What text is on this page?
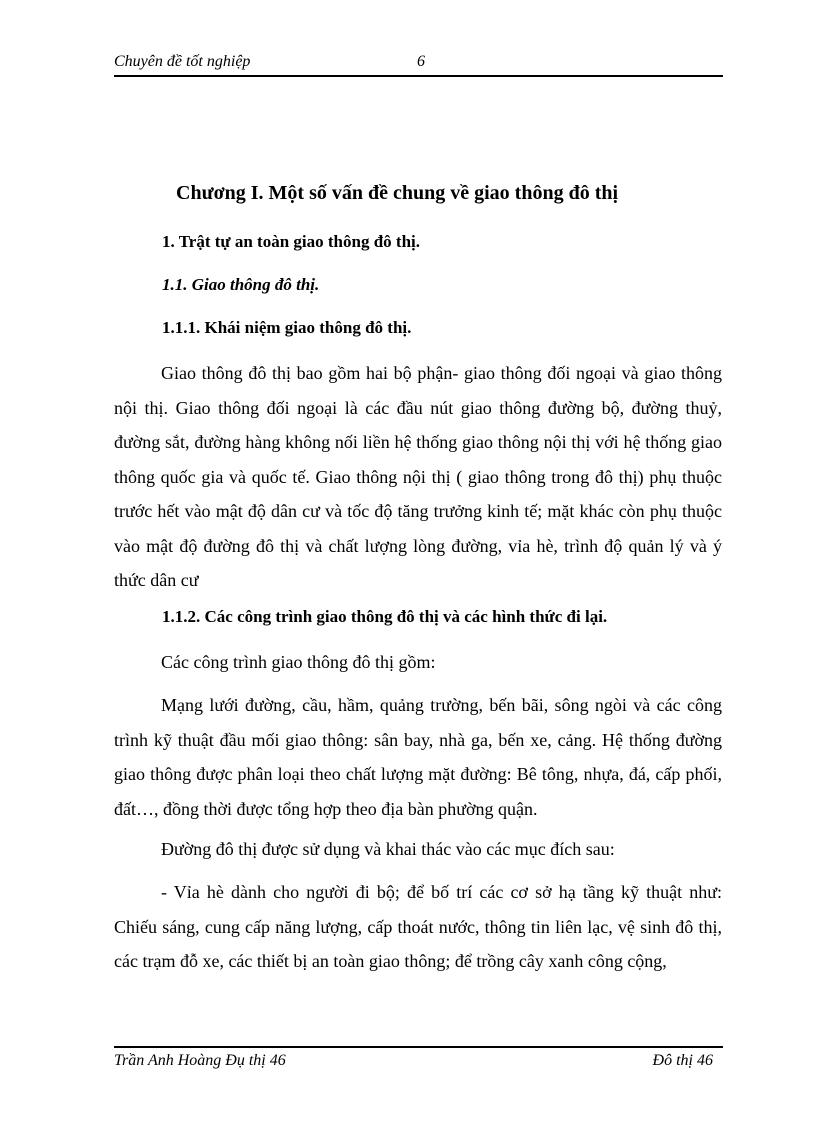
Chuyên đề tốt nghiệp	6
Chương I. Một số vấn đề chung về giao thông đô thị
1. Trật tự an toàn giao thông đô thị.
1.1. Giao thông đô thị.
1.1.1. Khái niệm giao thông đô thị.

Giao thông đô thị bao gồm hai bộ phận- giao thông đối ngoại và giao thông nội thị. Giao thông đối ngoại là các đầu nút giao thông đường bộ, đường thuỷ, đường sắt, đường hàng không nối liền hệ thống giao thông nội thị với hệ thống giao thông quốc gia và quốc tế. Giao thông nội thị ( giao thông trong đô thị) phụ thuộc trước hết vào mật độ dân cư và tốc độ tăng trưởng kinh tế; mặt khác còn phụ thuộc vào mật độ đường đô thị và chất lượng lòng đường, vỉa hè, trình độ quản lý và ý thức dân cư

1.1.2. Các công trình giao thông đô thị và các hình thức đi lại.

Các công trình giao thông đô thị gồm:

Mạng lưới đường, cầu, hầm, quảng trường, bến bãi, sông ngòi và các công trình kỹ thuật đầu mối giao thông: sân bay, nhà ga, bến xe, cảng. Hệ thống đường giao thông được phân loại theo chất lượng mặt đường: Bê tông, nhựa, đá, cấp phối, đất…, đồng thời được tổng hợp theo địa bàn phường quận.

Đường đô thị được sử dụng và khai thác vào các mục đích sau:

- Vỉa hè dành cho người đi bộ; để bố trí các cơ sở hạ tầng kỹ thuật như: Chiếu sáng, cung cấp năng lượng, cấp thoát nước, thông tin liên lạc, vệ sinh đô thị, các trạm đỗ xe, các thiết bị an toàn giao thông; để trồng cây xanh công cộng,

Trần Anh Hoàng Đụ thị 46	Đô thị 46
